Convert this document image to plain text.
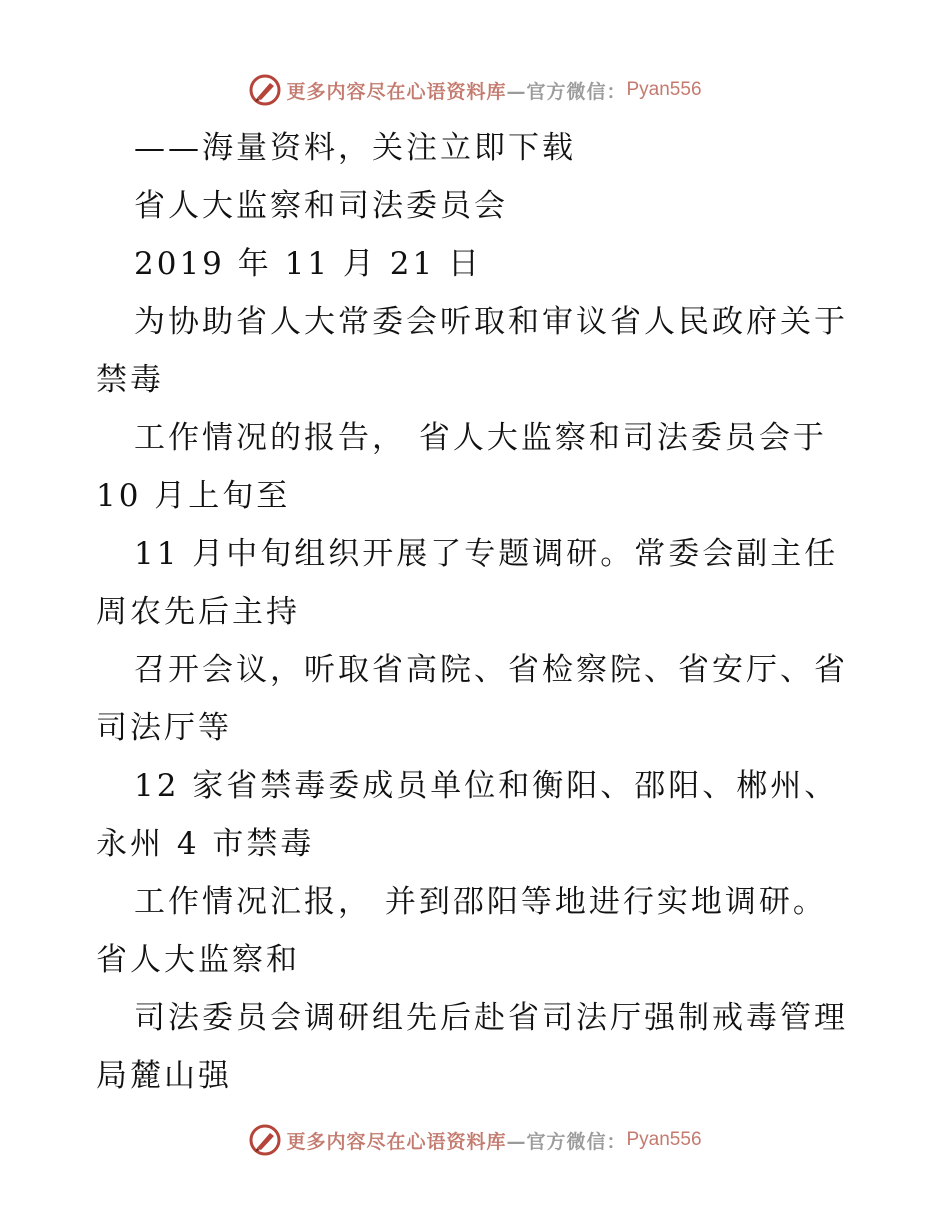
更多内容尽在心语资料库 —官方微信： Pyan556
——海量资料，关注立即下载
省人大监察和司法委员会
2019 年 11 月 21 日
为协助省人大常委会听取和审议省人民政府关于
禁毒
工作情况的报告， 省人大监察和司法委员会于
10 月上旬至
11 月中旬组织开展了专题调研。常委会副主任
周农先后主持
召开会议，听取省高院、省检察院、省安厅、省
司法厅等
12 家省禁毒委成员单位和衡阳、邵阳、郴州、
永州 4 市禁毒
工作情况汇报， 并到邵阳等地进行实地调研。
省人大监察和
司法委员会调研组先后赴省司法厅强制戒毒管理
局麓山强
更多内容尽在心语资料库 —官方微信： Pyan556
